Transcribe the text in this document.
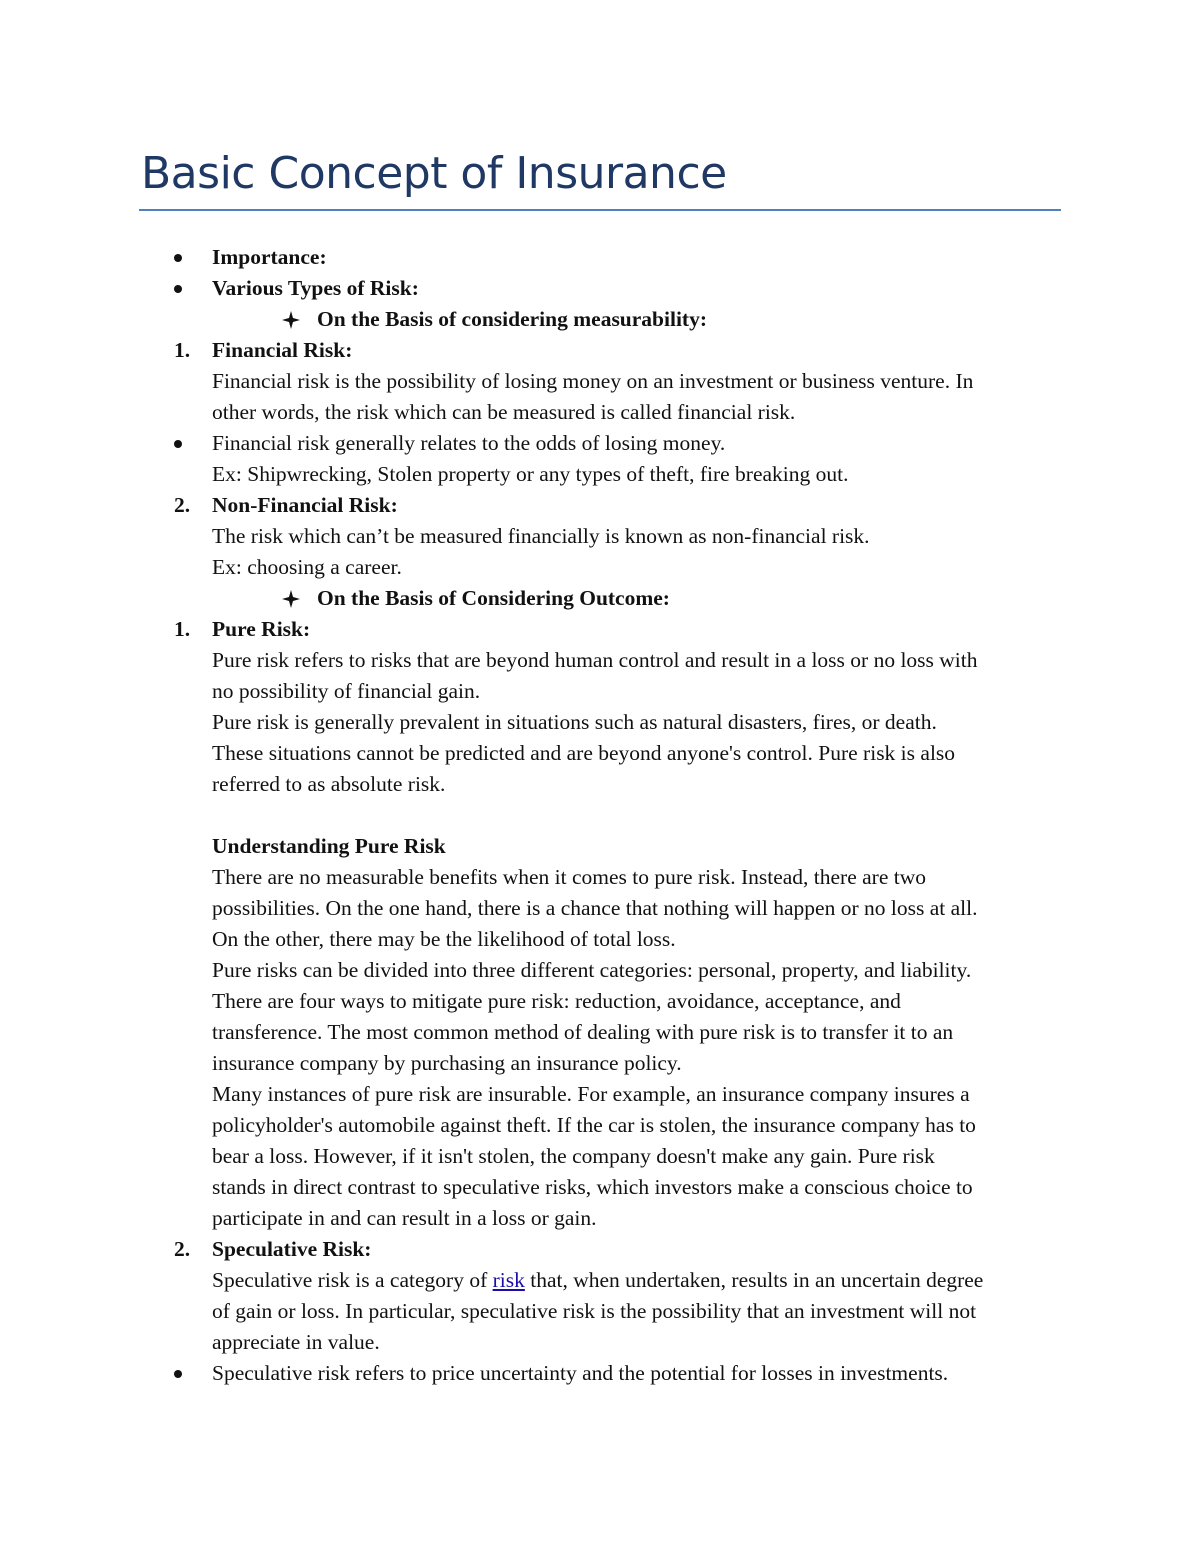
Basic Concept of Insurance
Importance:
Various Types of Risk:
On the Basis of considering measurability:
1. Financial Risk:
Financial risk is the possibility of losing money on an investment or business venture. In
other words, the risk which can be measured is called financial risk.
Financial risk generally relates to the odds of losing money.
Ex: Shipwrecking, Stolen property or any types of theft, fire breaking out.
2. Non-Financial Risk:
The risk which can’t be measured financially is known as non-financial risk.
Ex: choosing a career.
On the Basis of Considering Outcome:
1. Pure Risk:
Pure risk refers to risks that are beyond human control and result in a loss or no loss with
no possibility of financial gain.
Pure risk is generally prevalent in situations such as natural disasters, fires, or death.
These situations cannot be predicted and are beyond anyone's control. Pure risk is also
referred to as absolute risk.
Understanding Pure Risk
There are no measurable benefits when it comes to pure risk. Instead, there are two
possibilities. On the one hand, there is a chance that nothing will happen or no loss at all.
On the other, there may be the likelihood of total loss.
Pure risks can be divided into three different categories: personal, property, and liability.
There are four ways to mitigate pure risk: reduction, avoidance, acceptance, and
transference. The most common method of dealing with pure risk is to transfer it to an
insurance company by purchasing an insurance policy.
Many instances of pure risk are insurable. For example, an insurance company insures a
policyholder's automobile against theft. If the car is stolen, the insurance company has to
bear a loss. However, if it isn't stolen, the company doesn't make any gain. Pure risk
stands in direct contrast to speculative risks, which investors make a conscious choice to
participate in and can result in a loss or gain.
2. Speculative Risk:
Speculative risk is a category of risk that, when undertaken, results in an uncertain degree
of gain or loss. In particular, speculative risk is the possibility that an investment will not
appreciate in value.
Speculative risk refers to price uncertainty and the potential for losses in investments.
